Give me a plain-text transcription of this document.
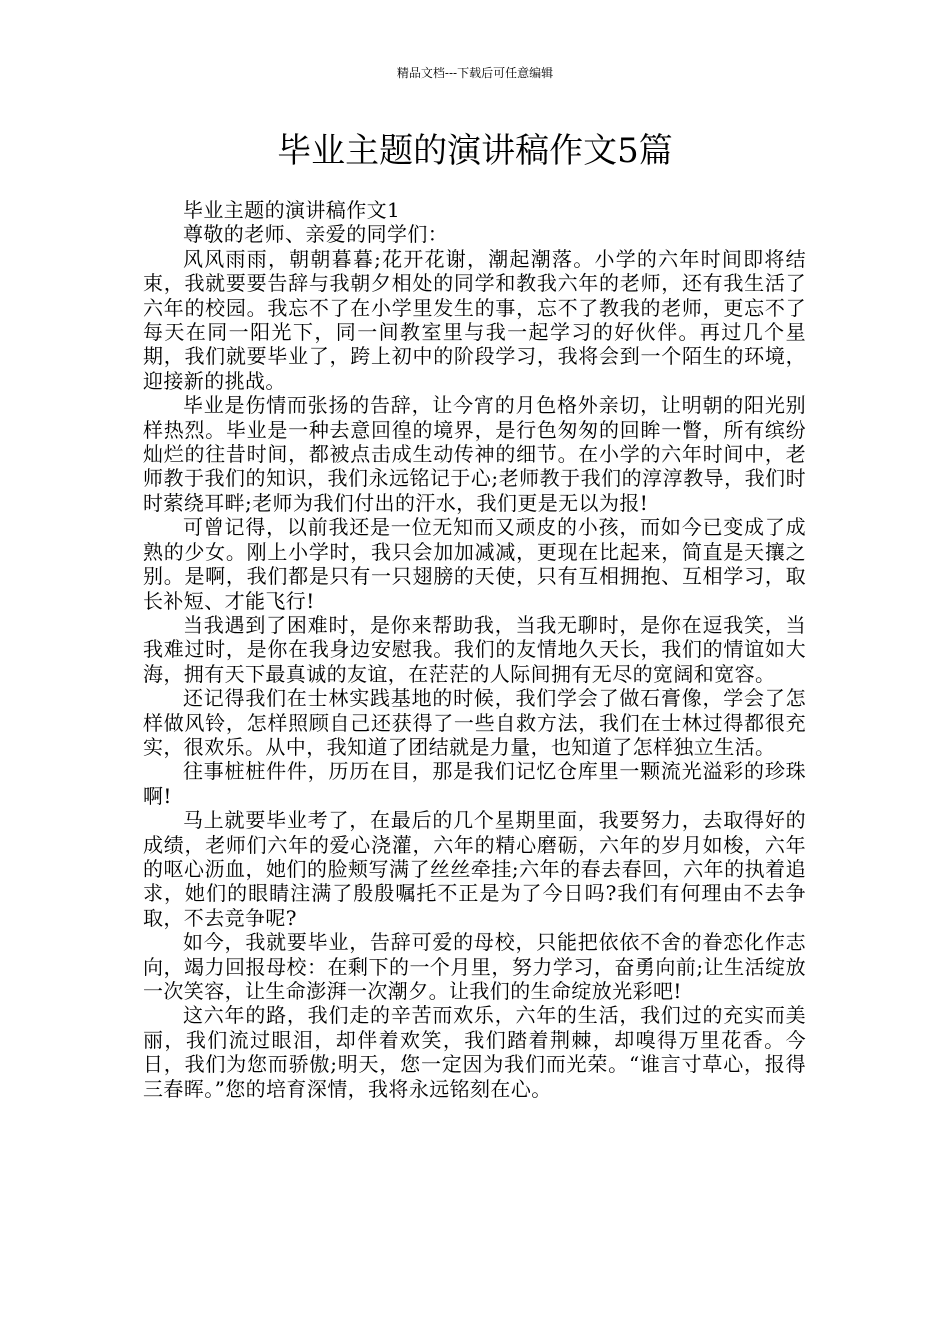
精品文档---下载后可任意编辑
毕业主题的演讲稿作文5篇

毕业主题的演讲稿作文1

尊敬的老师、亲爱的同学们：

风风雨雨，朝朝暮暮;花开花谢，潮起潮落。小学的六年时间即将结束，我就要要告辞与我朝夕相处的同学和教我六年的老师，还有我生活了六年的校园。我忘不了在小学里发生的事，忘不了教我的老师，更忘不了每天在同一阳光下，同一间教室里与我一起学习的好伙伴。再过几个星期，我们就要毕业了，跨上初中的阶段学习，我将会到一个陌生的环境，迎接新的挑战。

毕业是伤情而张扬的告辞，让今宵的月色格外亲切，让明朝的阳光别样热烈。毕业是一种去意回徨的境界，是行色匆匆的回眸一瞥，所有缤纷灿烂的往昔时间，都被点击成生动传神的细节。在小学的六年时间中，老师教于我们的知识，我们永远铭记于心;老师教于我们的淳淳教导，我们时时萦绕耳畔;老师为我们付出的汗水，我们更是无以为报!

可曾记得，以前我还是一位无知而又顽皮的小孩，而如今已变成了成熟的少女。刚上小学时，我只会加加减减，更现在比起来，简直是天攘之别。是啊，我们都是只有一只翅膀的天使，只有互相拥抱、互相学习，取长补短、才能飞行!

当我遇到了困难时，是你来帮助我，当我无聊时，是你在逗我笑，当我难过时，是你在我身边安慰我。我们的友情地久天长，我们的情谊如大海，拥有天下最真诚的友谊，在茫茫的人际间拥有无尽的宽阔和宽容。

还记得我们在士林实践基地的时候，我们学会了做石膏像，学会了怎样做风铃，怎样照顾自己还获得了一些自救方法，我们在士林过得都很充实，很欢乐。从中，我知道了团结就是力量，也知道了怎样独立生活。

往事桩桩件件，历历在目，那是我们记忆仓库里一颗流光溢彩的珍珠啊!

马上就要毕业考了，在最后的几个星期里面，我要努力，去取得好的成绩，老师们六年的爱心浇灌，六年的精心磨砺，六年的岁月如梭，六年的呕心沥血，她们的脸颊写满了丝丝牵挂;六年的春去春回，六年的执着追求，她们的眼睛注满了殷殷嘱托不正是为了今日吗?我们有何理由不去争取，不去竞争呢?

如今，我就要毕业，告辞可爱的母校，只能把依依不舍的眷恋化作志向，竭力回报母校：在剩下的一个月里，努力学习，奋勇向前;让生活绽放一次笑容，让生命澎湃一次潮夕。让我们的生命绽放光彩吧!

这六年的路，我们走的辛苦而欢乐，六年的生活，我们过的充实而美丽，我们流过眼泪，却伴着欢笑，我们踏着荆棘，却嗅得万里花香。今日，我们为您而骄傲;明天，您一定因为我们而光荣。“谁言寸草心，报得三春晖。”您的培育深情，我将永远铭刻在心。
